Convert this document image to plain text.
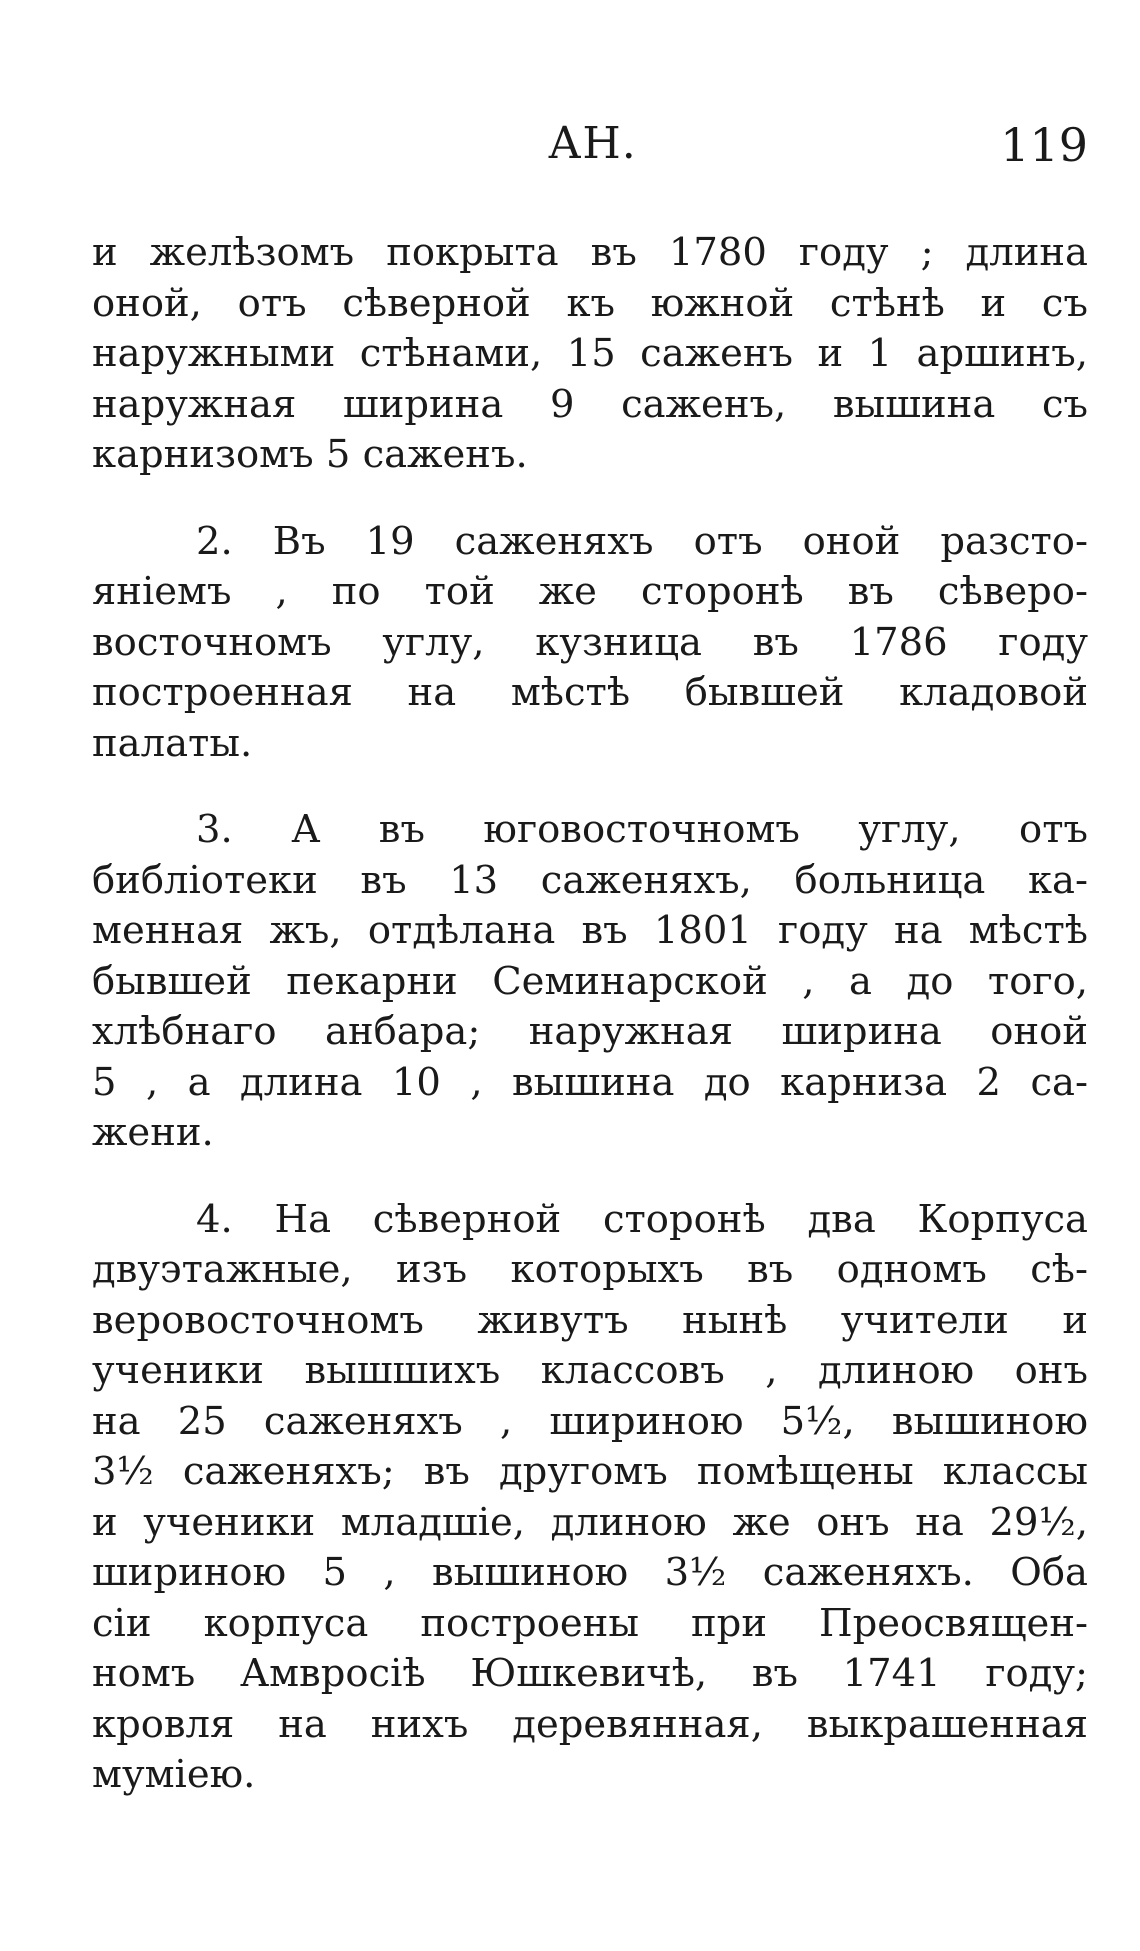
АН.	119

и желѣзомъ покрыта въ 1780 году ; длина
оной, отъ сѣверной къ южной стѣнѣ и съ
наружными стѣнами, 15 саженъ и 1 аршинъ,
наружная ширина 9 саженъ, вышина съ
карнизомъ 5 саженъ.

2. Въ 19 саженяхъ отъ оной разсто-
яніемъ , по той же сторонѣ въ сѣверо-
восточномъ углу, кузница въ 1786 году
построенная на мѣстѣ бывшей кладовой
палаты.

3. А въ юговосточномъ углу, отъ
библіотеки въ 13 саженяхъ, больница ка-
менная жъ, отдѣлана въ 1801 году на мѣстѣ
бывшей пекарни Семинарской , а до того,
хлѣбнаго анбара; наружная ширина оной
5 , а длина 10 , вышина до карниза 2 са-
жени.

4. На сѣверной сторонѣ два Корпуса
двуэтажные, изъ которыхъ въ одномъ сѣ-
веровосточномъ живутъ нынѣ учители и
ученики вышшихъ классовъ , длиною онъ
на 25 саженяхъ , шириною 5½, вышиною
3½ саженяхъ; въ другомъ помѣщены классы
и ученики младшіе, длиною же онъ на 29½,
шириною 5 , вышиною 3½ саженяхъ. Оба
сіи корпуса построены при Преосвящен-
номъ Амвросіѣ Юшкевичѣ, въ 1741 году;
кровля на нихъ деревянная, выкрашенная
муміею.
